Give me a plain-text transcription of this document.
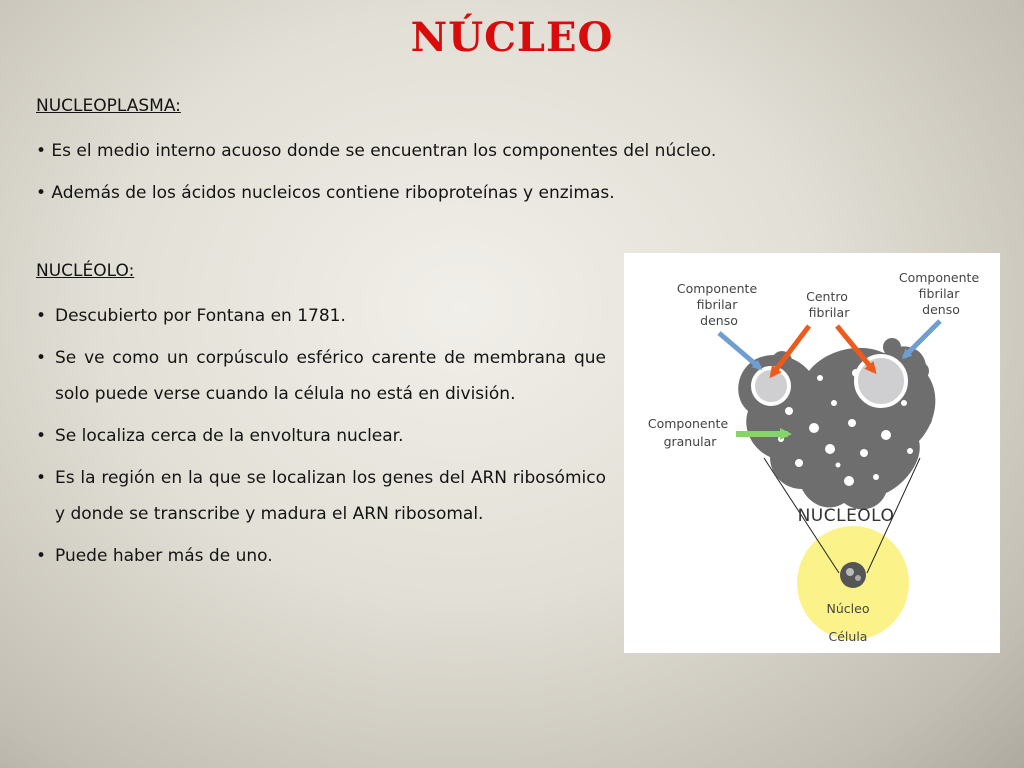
NÚCLEO
NUCLEOPLASMA:
• Es el medio interno acuoso donde se encuentran los componentes del núcleo.
• Además de los ácidos nucleicos contiene riboproteínas y enzimas.
NUCLÉOLO:
• Descubierto por Fontana en 1781.
• Se ve como un corpúsculo esférico carente de membrana que solo puede verse cuando la célula no está en división.
• Se localiza cerca de la envoltura nuclear.
• Es la región en la que se localizan los genes del ARN ribosómico y donde se transcribe y madura el ARN ribosomal.
• Puede haber más de uno.
Componente fibrilar denso
Centro fibrilar
Componente fibrilar denso
Componente granular
NUCLEOLO
Núcleo
Célula
